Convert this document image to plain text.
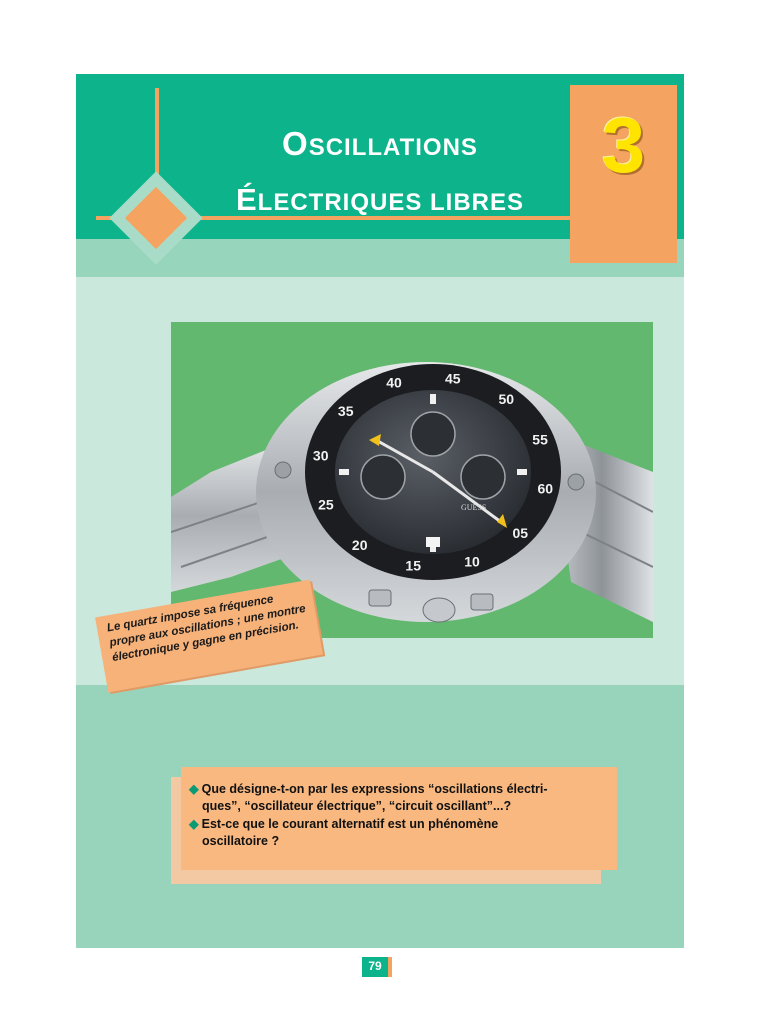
OSCILLATIONS
ÉLECTRIQUES LIBRES
3
GUESS
40	45
50
55
60
05
10
15
20
25
30
35
Le quartz impose sa fréquence propre aux oscillations ; une montre électronique y gagne en précision.
◆ Que désigne-t-on par les expressions “oscillations électri-
ques”, “oscillateur électrique”, “circuit oscillant”...?
◆ Est-ce que le courant alternatif est un phénomène
oscillatoire ?
79
